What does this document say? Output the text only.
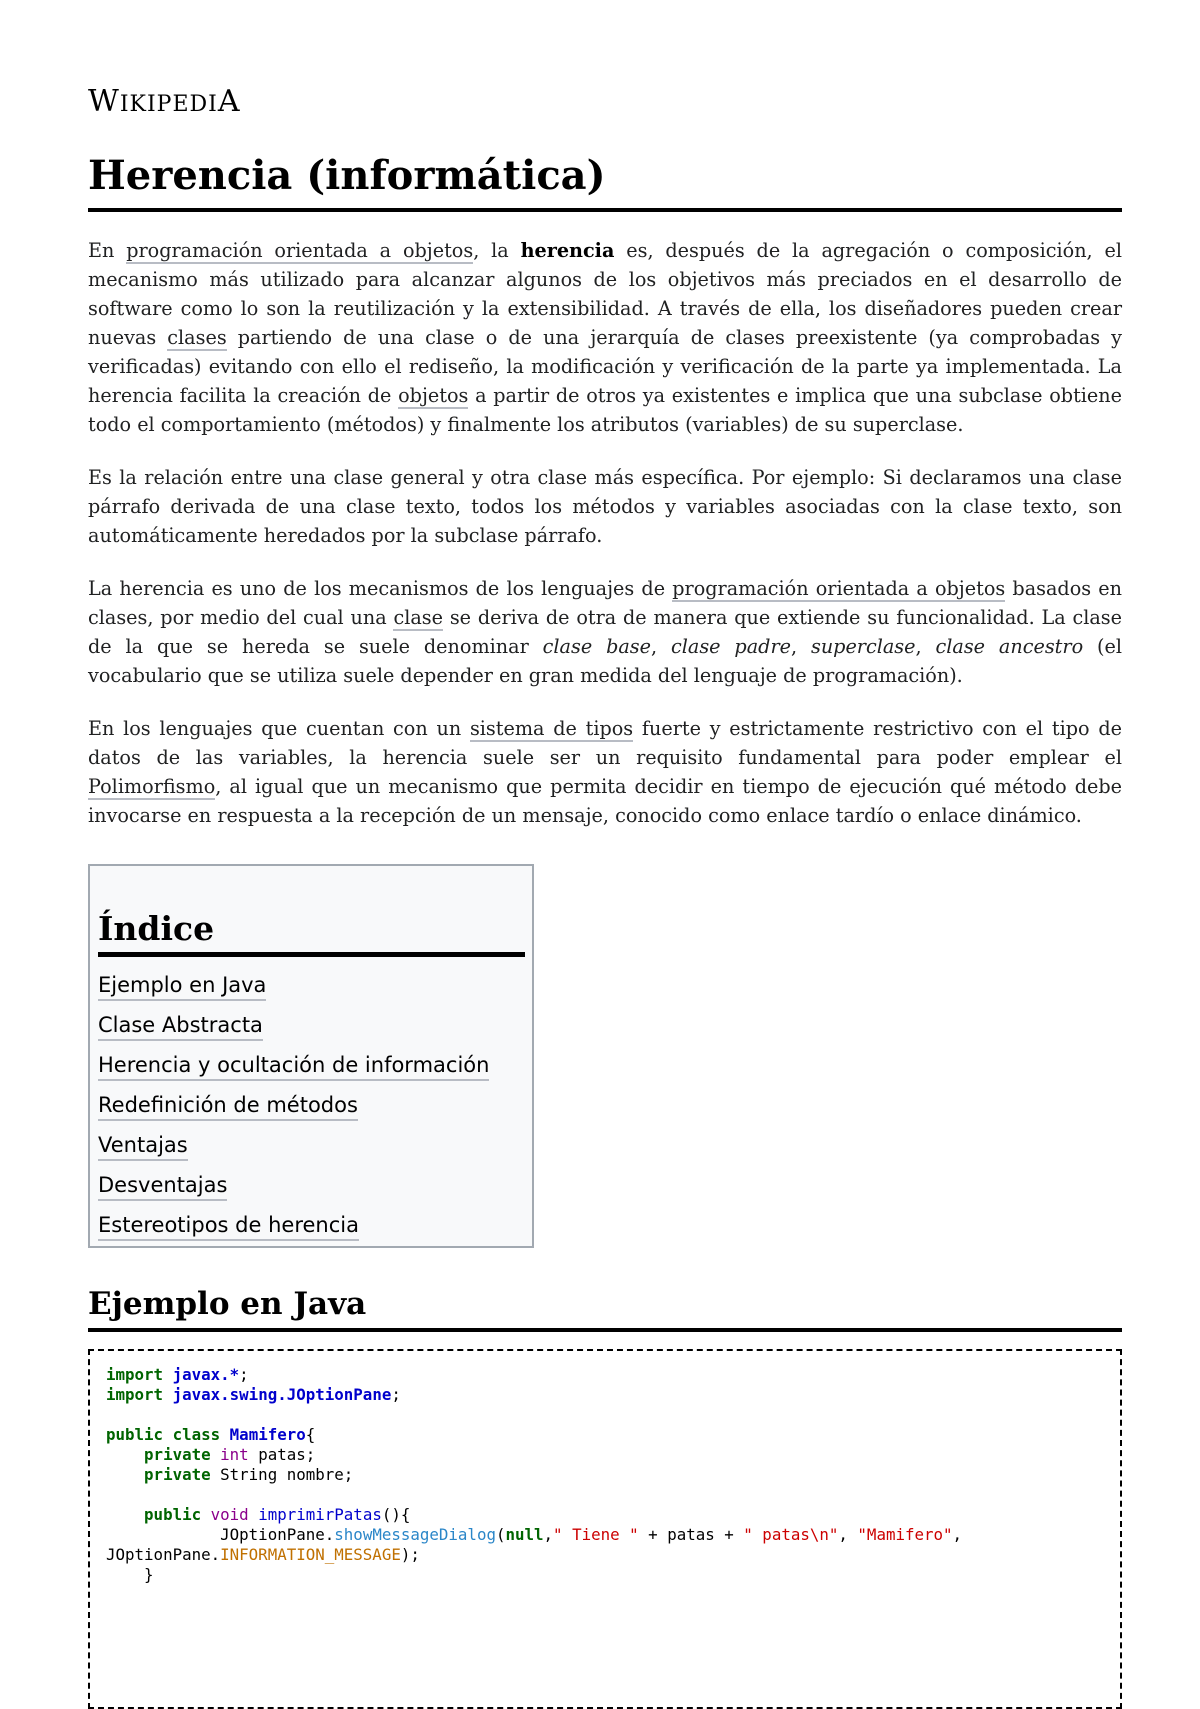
WIKIPEDIA
Herencia (informática)

En programación orientada a objetos, la herencia es, después de la agregación o composición, el mecanismo más utilizado para alcanzar algunos de los objetivos más preciados en el desarrollo de software como lo son la reutilización y la extensibilidad. A través de ella, los diseñadores pueden crear nuevas clases partiendo de una clase o de una jerarquía de clases preexistente (ya comprobadas y verificadas) evitando con ello el rediseño, la modificación y verificación de la parte ya implementada. La herencia facilita la creación de objetos a partir de otros ya existentes e implica que una subclase obtiene todo el comportamiento (métodos) y finalmente los atributos (variables) de su superclase.

Es la relación entre una clase general y otra clase más específica. Por ejemplo: Si declaramos una clase párrafo derivada de una clase texto, todos los métodos y variables asociadas con la clase texto, son automáticamente heredados por la subclase párrafo.

La herencia es uno de los mecanismos de los lenguajes de programación orientada a objetos basados en clases, por medio del cual una clase se deriva de otra de manera que extiende su funcionalidad. La clase de la que se hereda se suele denominar clase base, clase padre, superclase, clase ancestro (el vocabulario que se utiliza suele depender en gran medida del lenguaje de programación).

En los lenguajes que cuentan con un sistema de tipos fuerte y estrictamente restrictivo con el tipo de datos de las variables, la herencia suele ser un requisito fundamental para poder emplear el Polimorfismo, al igual que un mecanismo que permita decidir en tiempo de ejecución qué método debe invocarse en respuesta a la recepción de un mensaje, conocido como enlace tardío o enlace dinámico.

Índice
Ejemplo en Java
Clase Abstracta
Herencia y ocultación de información
Redefinición de métodos
Ventajas
Desventajas
Estereotipos de herencia
Ejemplo en Java
import javax.*;
import javax.swing.JOptionPane;

public class Mamifero{
private int patas;
private String nombre;

public void imprimirPatas(){
JOptionPane.showMessageDialog(null," Tiene " + patas + " patas\n", "Mamifero",
JOptionPane.INFORMATION_MESSAGE);
}
